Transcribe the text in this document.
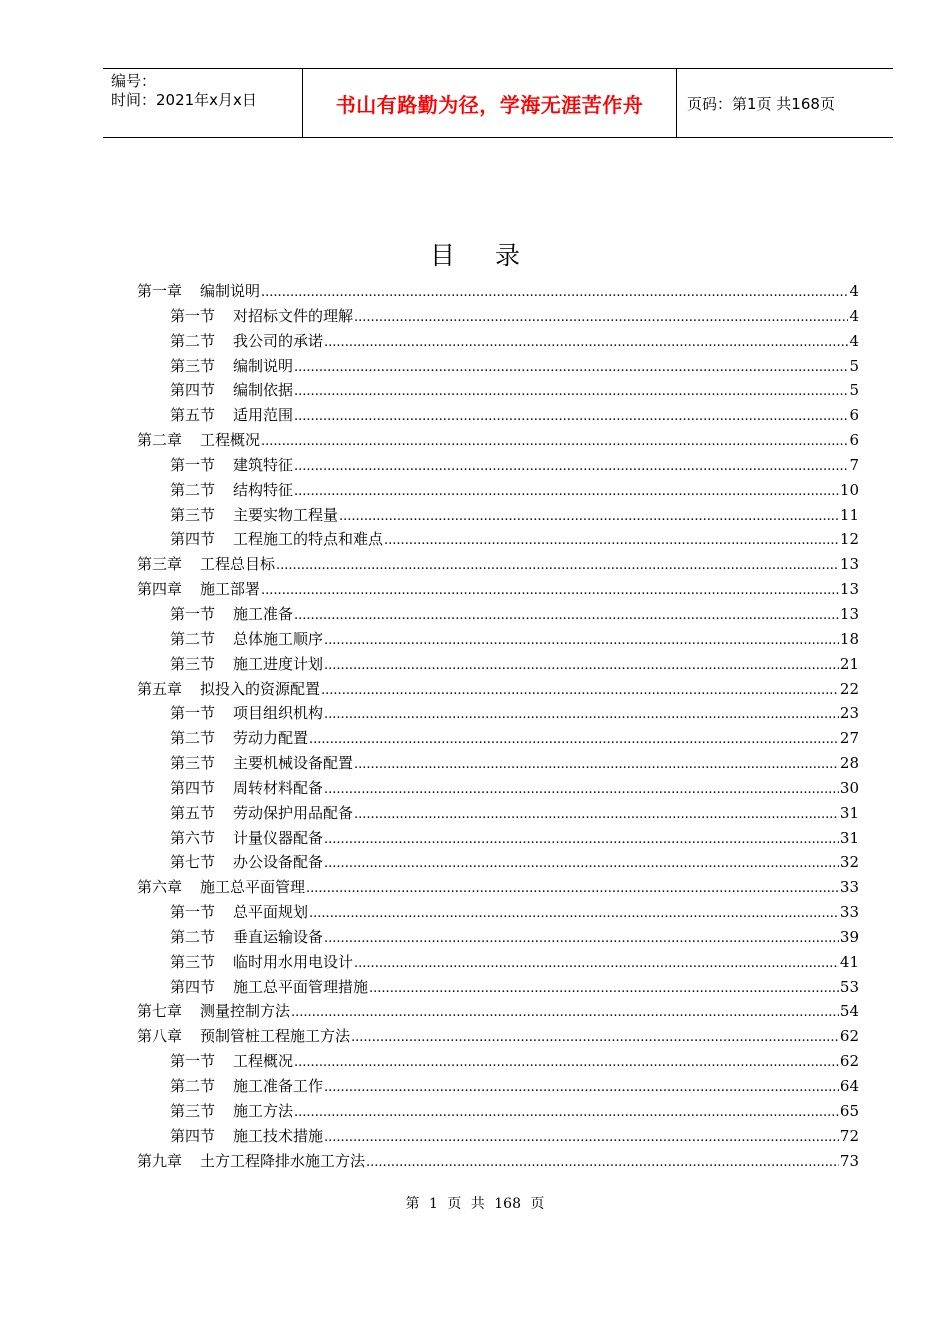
编号：
时间：2021年x月x日	书山有路勤为径，学海无涯苦作舟	页码：第1页 共168页
目录
第一章 编制说明 .....	4
第一节 对招标文件的理解 .....	4
第二节 我公司的承诺 .....	4
第三节 编制说明 .....	5
第四节 编制依据 .....	5
第五节 适用范围 .....	6
第二章 工程概况 .....	6
第一节 建筑特征 .....	7
第二节 结构特征 .....	10
第三节 主要实物工程量 .....	11
第四节 工程施工的特点和难点 .....	12
第三章 工程总目标 .....	13
第四章 施工部署 .....	13
第一节 施工准备 .....	13
第二节 总体施工顺序 .....	18
第三节 施工进度计划 .....	21
第五章 拟投入的资源配置 .....	22
第一节 项目组织机构 .....	23
第二节 劳动力配置 .....	27
第三节 主要机械设备配置 .....	28
第四节 周转材料配备 .....	30
第五节 劳动保护用品配备 .....	31
第六节 计量仪器配备 .....	31
第七节 办公设备配备 .....	32
第六章 施工总平面管理 .....	33
第一节 总平面规划 .....	33
第二节 垂直运输设备 .....	39
第三节 临时用水用电设计 .....	41
第四节 施工总平面管理措施 .....	53
第七章 测量控制方法 .....	54
第八章 预制管桩工程施工方法 .....	62
第一节 工程概况 .....	62
第二节 施工准备工作 .....	64
第三节 施工方法 .....	65
第四节 施工技术措施 .....	72
第九章 土方工程降排水施工方法 .....	73
第 1 页 共 168 页
